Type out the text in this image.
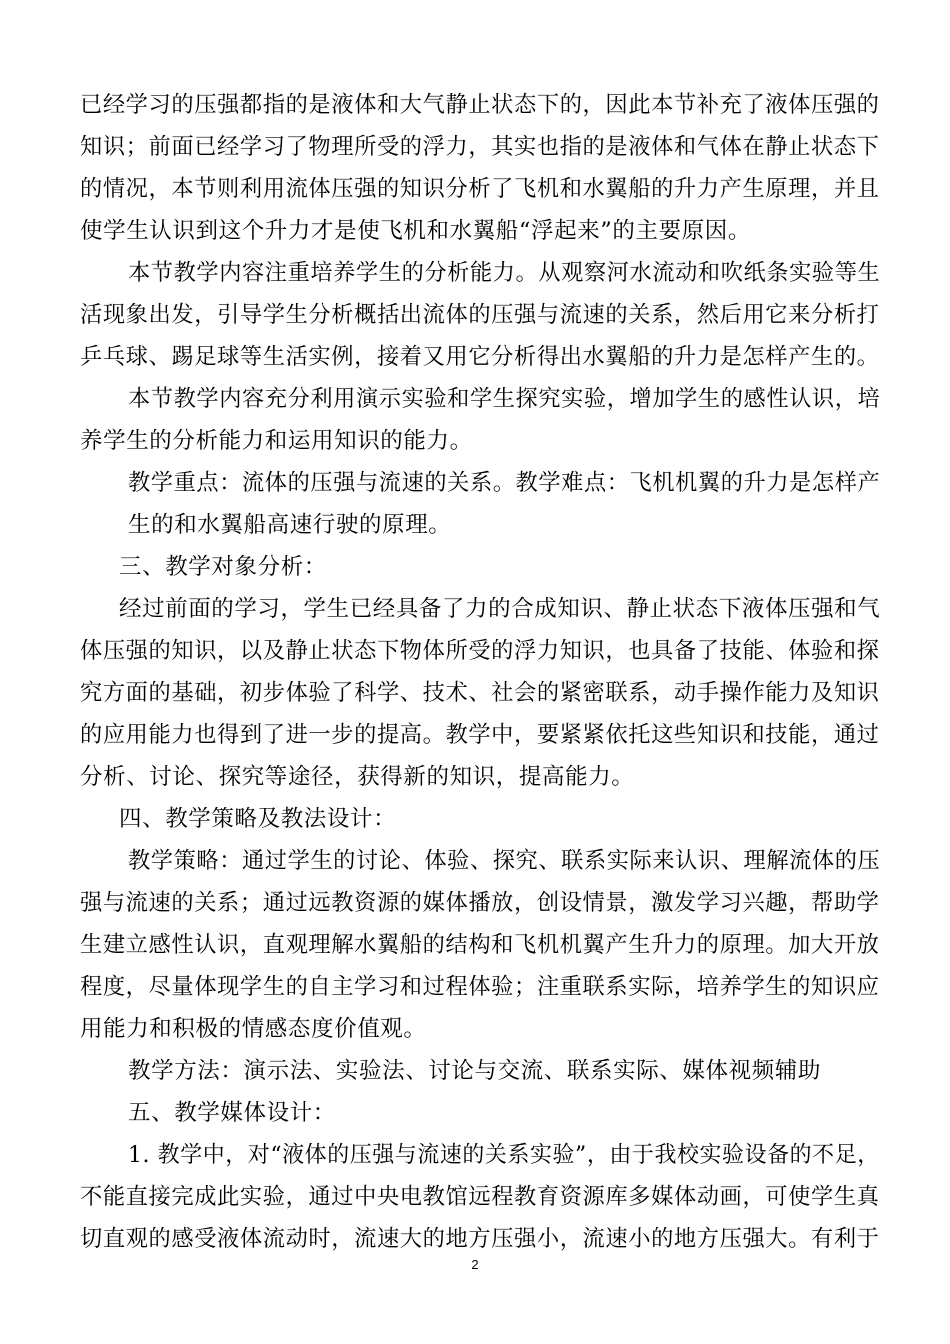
已经学习的压强都指的是液体和大气静止状态下的，因此本节补充了液体压强的
知识；前面已经学习了物理所受的浮力，其实也指的是液体和气体在静止状态下
的情况，本节则利用流体压强的知识分析了飞机和水翼船的升力产生原理，并且
使学生认识到这个升力才是使飞机和水翼船“浮起来”的主要原因。
本节教学内容注重培养学生的分析能力。从观察河水流动和吹纸条实验等生
活现象出发，引导学生分析概括出流体的压强与流速的关系，然后用它来分析打
乒乓球、踢足球等生活实例，接着又用它分析得出水翼船的升力是怎样产生的。
本节教学内容充分利用演示实验和学生探究实验，增加学生的感性认识，培
养学生的分析能力和运用知识的能力。
教学重点：流体的压强与流速的关系。教学难点：飞机机翼的升力是怎样产
生的和水翼船高速行驶的原理。
三、教学对象分析：
经过前面的学习，学生已经具备了力的合成知识、静止状态下液体压强和气
体压强的知识，以及静止状态下物体所受的浮力知识，也具备了技能、体验和探
究方面的基础，初步体验了科学、技术、社会的紧密联系，动手操作能力及知识
的应用能力也得到了进一步的提高。教学中，要紧紧依托这些知识和技能，通过
分析、讨论、探究等途径，获得新的知识，提高能力。
四、教学策略及教法设计：
教学策略：通过学生的讨论、体验、探究、联系实际来认识、理解流体的压
强与流速的关系；通过远教资源的媒体播放，创设情景，激发学习兴趣，帮助学
生建立感性认识，直观理解水翼船的结构和飞机机翼产生升力的原理。加大开放
程度，尽量体现学生的自主学习和过程体验；注重联系实际，培养学生的知识应
用能力和积极的情感态度价值观。
教学方法：演示法、实验法、讨论与交流、联系实际、媒体视频辅助
五、教学媒体设计：
1. 教学中，对“液体的压强与流速的关系实验”，由于我校实验设备的不足，
不能直接完成此实验，通过中央电教馆远程教育资源库多媒体动画，可使学生真
切直观的感受液体流动时，流速大的地方压强小，流速小的地方压强大。有利于
2
